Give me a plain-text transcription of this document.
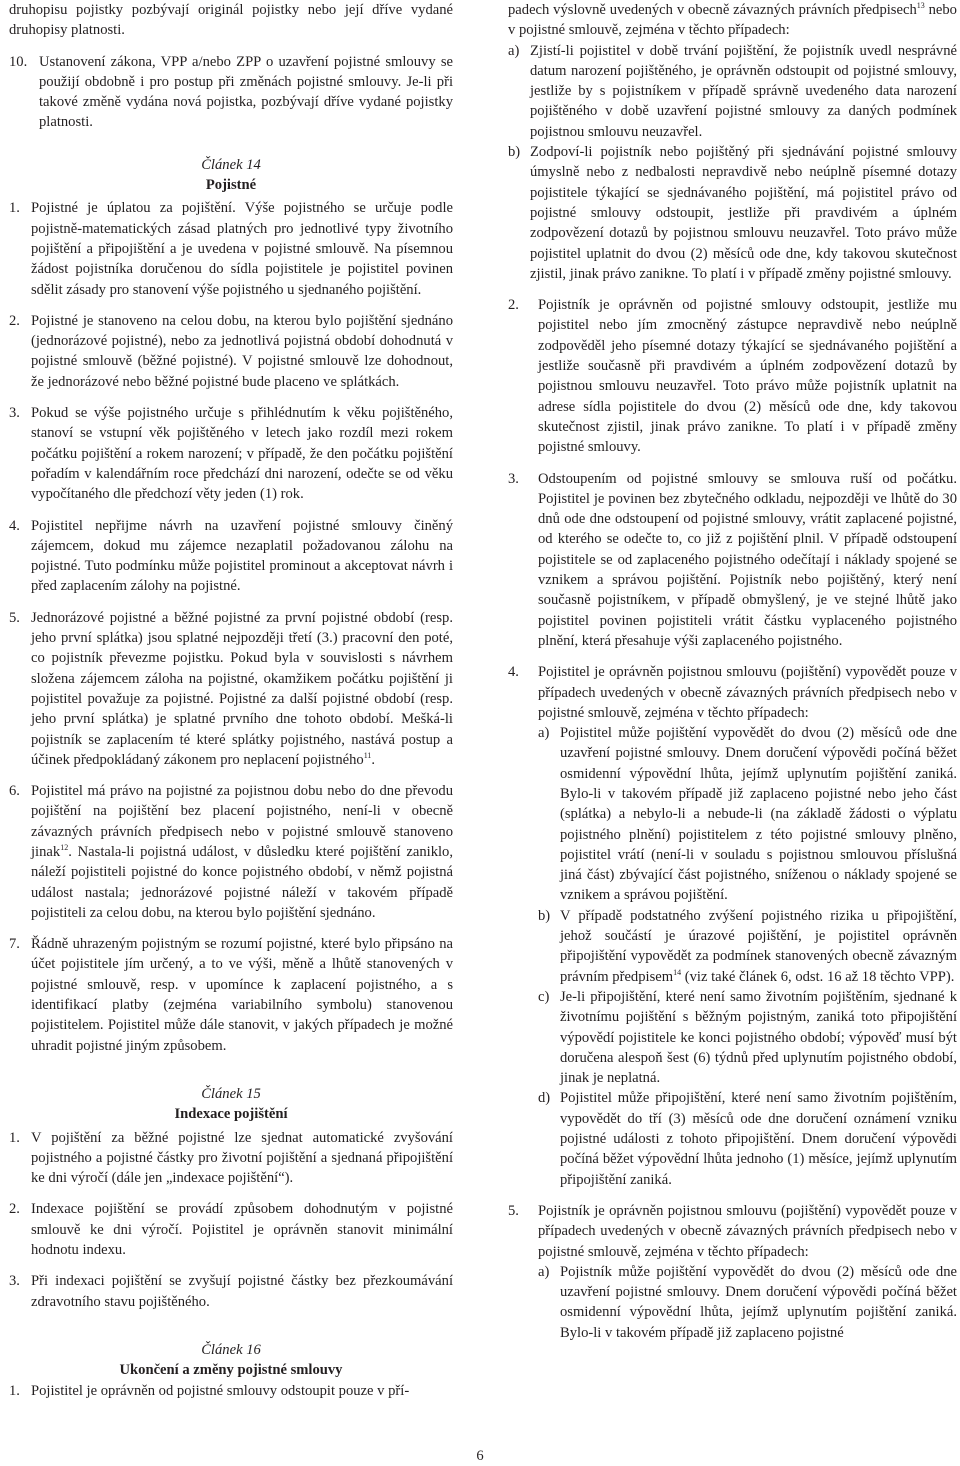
druhopisu pojistky pozbývají originál pojistky nebo její dříve vydané druhopisy platnosti.

10. Ustanovení zákona, VPP a/nebo ZPP o uzavření pojistné smlouvy se použijí obdobně i pro postup při změnách pojistné smlouvy. Je-li při takové změně vydána nová pojistka, pozbývají dříve vydané pojistky platnosti.
Článek 14
Pojistné
1. Pojistné je úplatou za pojištění. Výše pojistného se určuje podle pojistně-matematických zásad platných pro jednotlivé typy životního pojištění a připojištění a je uvedena v pojistné smlouvě. Na písemnou žádost pojistníka doručenou do sídla pojistitele je pojistitel povinen sdělit zásady pro stanovení výše pojistného u sjednaného pojištění.
2. Pojistné je stanoveno na celou dobu, na kterou bylo pojištění sjednáno (jednorázové pojistné), nebo za jednotlivá pojistná období dohodnutá v pojistné smlouvě (běžné pojistné). V pojistné smlouvě lze dohodnout, že jednorázové nebo běžné pojistné bude placeno ve splátkách.
3. Pokud se výše pojistného určuje s přihlédnutím k věku pojištěného, stanoví se vstupní věk pojištěného v letech jako rozdíl mezi rokem počátku pojištění a rokem narození; v případě, že den počátku pojištění pořadím v kalendářním roce předchází dni narození, odečte se od věku vypočítaného dle předchozí věty jeden (1) rok.
4. Pojistitel nepřijme návrh na uzavření pojistné smlouvy činěný zájemcem, dokud mu zájemce nezaplatil požadovanou zálohu na pojistné. Tuto podmínku může pojistitel prominout a akceptovat návrh i před zaplacením zálohy na pojistné.
5. Jednorázové pojistné a běžné pojistné za první pojistné období (resp. jeho první splátka) jsou splatné nejpozději třetí (3.) pracovní den poté, co pojistník převezme pojistku. Pokud byla v souvislosti s návrhem složena zájemcem záloha na pojistné, okamžikem počátku pojištění ji pojistitel považuje za pojistné. Pojistné za další pojistné období (resp. jeho první splátka) je splatné prvního dne tohoto období. Mešká-li pojistník se zaplacením té které splátky pojistného, nastává postup a účinek předpokládaný zákonem pro neplacení pojistného$^{11}$.
6. Pojistitel má právo na pojistné za pojistnou dobu nebo do dne převodu pojištění na pojištění bez placení pojistného, není-li v obecně závazných právních předpisech nebo v pojistné smlouvě stanoveno jinak$^{12}$. Nastala-li pojistná událost, v důsledku které pojištění zaniklo, náleží pojistiteli pojistné do konce pojistného období, v němž pojistná událost nastala; jednorázové pojistné náleží v takovém případě pojistiteli za celou dobu, na kterou bylo pojištění sjednáno.
7. Řádně uhrazeným pojistným se rozumí pojistné, které bylo připsáno na účet pojistitele jím určený, a to ve výši, měně a lhůtě stanovených v pojistné smlouvě, resp. v upomínce k zaplacení pojistného, a s identifikací platby (zejména variabilního symbolu) stanovenou pojistitelem. Pojistitel může dále stanovit, v jakých případech je možné uhradit pojistné jiným způsobem.
Článek 15
Indexace pojištění
1. V pojištění za běžné pojistné lze sjednat automatické zvyšování pojistného a pojistné částky pro životní pojištění a sjednaná připojištění ke dni výročí (dále jen „indexace pojištění“).
2. Indexace pojištění se provádí způsobem dohodnutým v pojistné smlouvě ke dni výročí. Pojistitel je oprávněn stanovit minimální hodnotu indexu.
3. Při indexaci pojištění se zvyšují pojistné částky bez přezkoumávání zdravotního stavu pojištěného.
Článek 16
Ukončení a změny pojistné smlouvy
1. Pojistitel je oprávněn od pojistné smlouvy odstoupit pouze v pří-

padech výslovně uvedených v obecně závazných právních předpisech$^{13}$ nebo v pojistné smlouvě, zejména v těchto případech:

a) Zjistí-li pojistitel v době trvání pojištění, že pojistník uvedl nesprávné datum narození pojištěného, je oprávněn odstoupit od pojistné smlouvy, jestliže by s pojistníkem v případě správně uvedeného data narození pojištěného v době uzavření pojistné smlouvy za daných podmínek pojistnou smlouvu neuzavřel.
b) Zodpoví-li pojistník nebo pojištěný při sjednávání pojistné smlouvy úmyslně nebo z nedbalosti nepravdivě nebo neúplně písemné dotazy pojistitele týkající se sjednávaného pojištění, má pojistitel právo od pojistné smlouvy odstoupit, jestliže při pravdivém a úplném zodpovězení dotazů by pojistnou smlouvu neuzavřel. Toto právo může pojistitel uplatnit do dvou (2) měsíců ode dne, kdy takovou skutečnost zjistil, jinak právo zanikne. To platí i v případě změny pojistné smlouvy.
2.	Pojistník je oprávněn od pojistné smlouvy odstoupit, jestliže mu pojistitel nebo jím zmocněný zástupce nepravdivě nebo neúplně zodpověděl jeho písemné dotazy týkající se sjednávaného pojištění a jestliže současně při pravdivém a úplném zodpovězení dotazů by pojistnou smlouvu neuzavřel. Toto právo může pojistník uplatnit na adrese sídla pojistitele do dvou (2) měsíců ode dne, kdy takovou skutečnost zjistil, jinak právo zanikne. To platí i v případě změny pojistné smlouvy.
3.	Odstoupením od pojistné smlouvy se smlouva ruší od počátku. Pojistitel je povinen bez zbytečného odkladu, nejpozději ve lhůtě do 30 dnů ode dne odstoupení od pojistné smlouvy, vrátit zaplacené pojistné, od kterého se odečte to, co již z pojištění plnil. V případě odstoupení pojistitele se od zaplaceného pojistného odečítají i náklady spojené se vznikem a správou pojištění. Pojistník nebo pojištěný, který není současně pojistníkem, v případě obmyšlený, je ve stejné lhůtě jako pojistitel povinen pojistiteli vrátit částku vyplaceného pojistného plnění, která přesahuje výši zaplaceného pojistného.
4.	Pojistitel je oprávněn pojistnou smlouvu (pojištění) vypovědět pouze v případech uvedených v obecně závazných právních předpisech nebo v pojistné smlouvě, zejména v těchto případech:
a) Pojistitel může pojištění vypovědět do dvou (2) měsíců ode dne uzavření pojistné smlouvy. Dnem doručení výpovědi počíná běžet osmidenní výpovědní lhůta, jejímž uplynutím pojištění zaniká. Bylo-li v takovém případě již zaplaceno pojistné nebo jeho část (splátka) a nebylo-li a nebude-li (na základě žádosti o výplatu pojistného plnění) pojistitelem z této pojistné smlouvy plněno, pojistitel vrátí (není-li v souladu s pojistnou smlouvou příslušná jiná část) zbývající část pojistného, sníženou o náklady spojené se vznikem a správou pojištění.
b) V případě podstatného zvýšení pojistného rizika u připojištění, jehož součástí je úrazové pojištění, je pojistitel oprávněn připojištění vypovědět za podmínek stanovených obecně závazným právním předpisem$^{14}$ (viz také článek 6, odst. 16 až 18 těchto VPP).
c) Je-li připojištění, které není samo životním pojištěním, sjednané k životnímu pojištění s běžným pojistným, zaniká toto připojištění výpovědí pojistitele ke konci pojistného období; výpověď musí být doručena alespoň šest (6) týdnů před uplynutím pojistného období, jinak je neplatná.
d) Pojistitel může připojištění, které není samo životním pojištěním, vypovědět do tří (3) měsíců ode dne doručení oznámení vzniku pojistné události z tohoto připojištění. Dnem doručení výpovědi počíná běžet výpovědní lhůta jednoho (1) měsíce, jejímž uplynutím připojištění zaniká.
5.	Pojistník je oprávněn pojistnou smlouvu (pojištění) vypovědět pouze v případech uvedených v obecně závazných právních předpisech nebo v pojistné smlouvě, zejména v těchto případech:
a) Pojistník může pojištění vypovědět do dvou (2) měsíců ode dne uzavření pojistné smlouvy. Dnem doručení výpovědi počíná běžet osmidenní výpovědní lhůta, jejímž uplynutím pojištění zaniká. Bylo-li v takovém případě již zaplaceno pojistné
6
